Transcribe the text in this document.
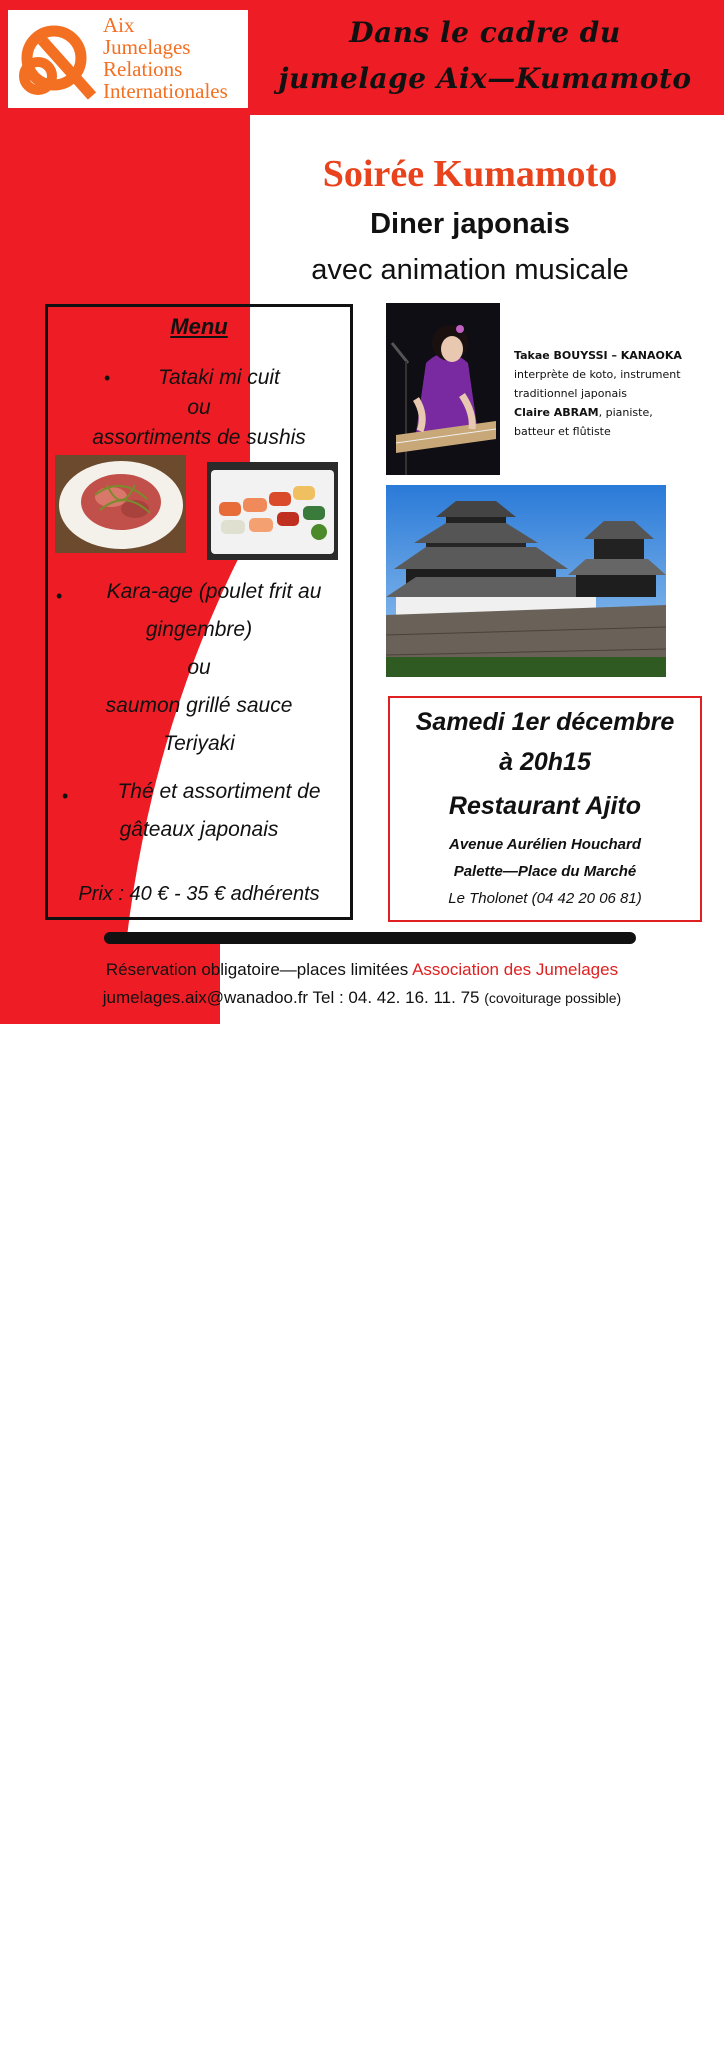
Aix
Jumelages
Relations
Internationales
Dans le cadre du
jumelage Aix—Kumamoto
Soirée Kumamoto
Diner japonais
avec animation musicale
Menu
•	Tataki mi cuit
ou
assortiments de sushis
•	Kara-age (poulet frit au
gingembre)
ou
saumon grillé sauce
Teriyaki
•	Thé et assortiment de
gâteaux japonais
Prix : 40 € - 35 € adhérents
Takae BOUYSSI – KANAOKA
interprète de koto, instrument
traditionnel japonais
Claire ABRAM, pianiste,
batteur et flûtiste
Samedi 1er décembre
à 20h15
Restaurant Ajito
Avenue Aurélien Houchard
Palette—Place du Marché
Le Tholonet (04 42 20 06 81)
Réservation obligatoire—places limitées Association des Jumelages
jumelages.aix@wanadoo.fr Tel : 04. 42. 16. 11. 75 (covoiturage possible)
